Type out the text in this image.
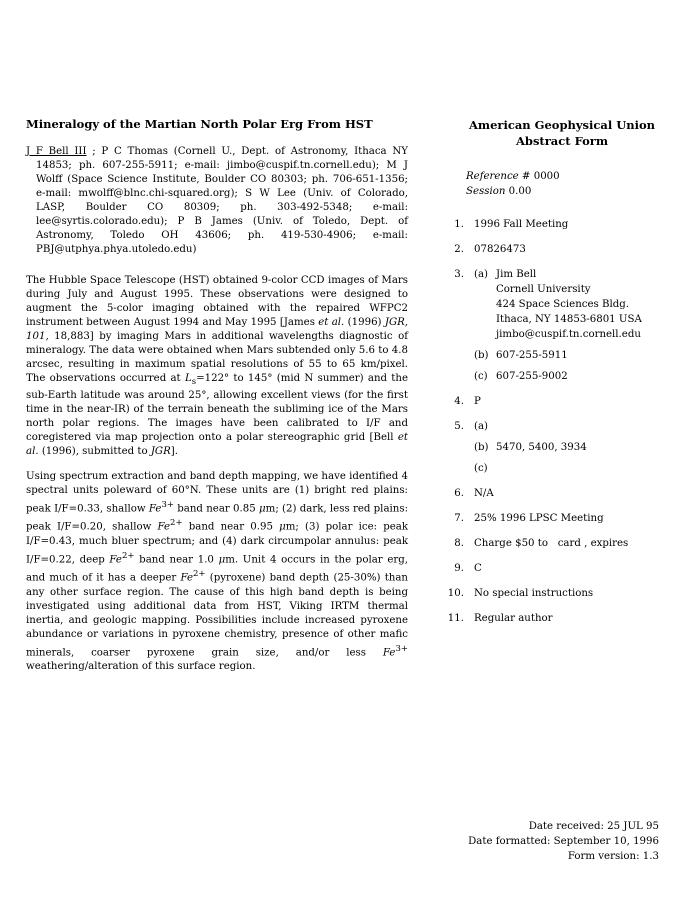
Mineralogy of the Martian North Polar Erg From HST
J F Bell III ; P C Thomas (Cornell U., Dept. of Astronomy, Ithaca NY 14853; ph. 607-255-5911; e-mail: jimbo@cuspif.tn.cornell.edu); M J Wolff (Space Science Institute, Boulder CO 80303; ph. 706-651-1356; e-mail: mwolff@blnc.chi-squared.org); S W Lee (Univ. of Colorado, LASP, Boulder CO 80309; ph. 303-492-5348; e-mail: lee@syrtis.colorado.edu); P B James (Univ. of Toledo, Dept. of Astronomy, Toledo OH 43606; ph. 419-530-4906; e-mail: PBJ@utphya.phya.utoledo.edu)
The Hubble Space Telescope (HST) obtained 9-color CCD images of Mars during July and August 1995. These observations were designed to augment the 5-color imaging obtained with the repaired WFPC2 instrument between August 1994 and May 1995 [James et al. (1996) JGR, 101, 18,883] by imaging Mars in additional wavelengths diagnostic of mineralogy. The data were obtained when Mars subtended only 5.6 to 4.8 arcsec, resulting in maximum spatial resolutions of 55 to 65 km/pixel. The observations occurred at $L_s=122^\circ$ to 145° (mid N summer) and the sub-Earth latitude was around 25°, allowing excellent views (for the first time in the near-IR) of the terrain beneath the subliming ice of the Mars north polar regions. The images have been calibrated to I/F and coregistered via map projection onto a polar stereographic grid [Bell et al. (1996), submitted to JGR].
Using spectrum extraction and band depth mapping, we have identified 4 spectral units poleward of 60°N. These units are (1) bright red plains: peak I/F=0.33, shallow $Fe^{3+}$ band near 0.85 μm; (2) dark, less red plains: peak I/F=0.20, shallow $Fe^{2+}$ band near 0.95 μm; (3) polar ice: peak I/F=0.43, much bluer spectrum; and (4) dark circumpolar annulus: peak I/F=0.22, deep $Fe^{2+}$ band near 1.0 μm. Unit 4 occurs in the polar erg, and much of it has a deeper $Fe^{2+}$ (pyroxene) band depth (25-30%) than any other surface region. The cause of this high band depth is being investigated using additional data from HST, Viking IRTM thermal inertia, and geologic mapping. Possibilities include increased pyroxene abundance or variations in pyroxene chemistry, presence of other mafic minerals, coarser pyroxene grain size, and/or less $Fe^{3+}$ weathering/alteration of this surface region.
American Geophysical Union
Abstract Form
Reference # 0000
Session 0.00
1. 1996 Fall Meeting
2. 07826473
3. (a) Jim Bell
Cornell University
424 Space Sciences Bldg.
Ithaca, NY 14853-6801 USA
jimbo@cuspif.tn.cornell.edu
(b) 607-255-5911
(c) 607-255-9002
4. P
5. (a)

(b) 5470, 5400, 3934
(c)

6. N/A
7. 25% 1996 LPSC Meeting
8. Charge $50 to   card , expires
9. C
10. No special instructions
11. Regular author
Date received: 25 JUL 95
Date formatted: September 10, 1996
Form version: 1.3
